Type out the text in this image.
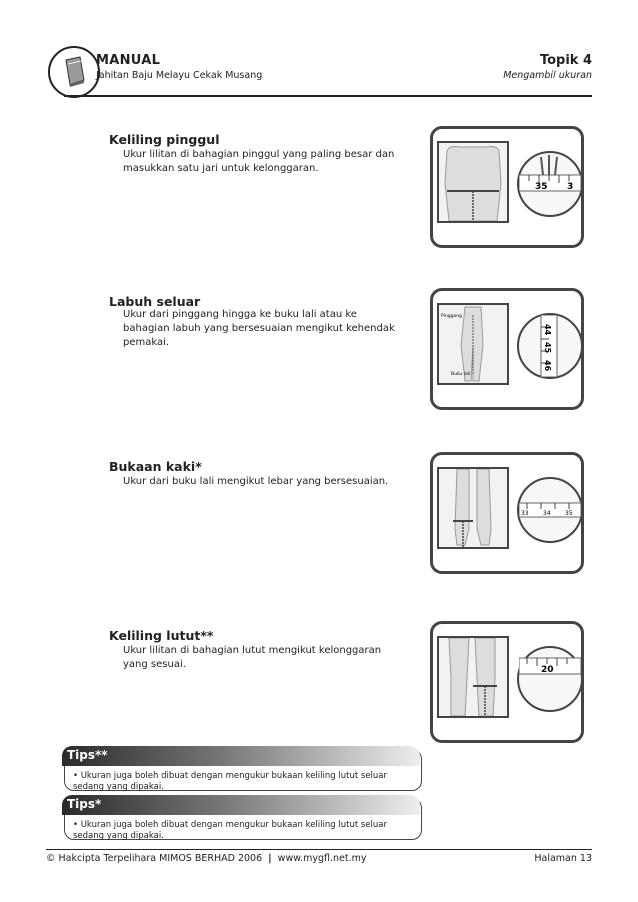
MANUAL
Jahitan Baju Melayu Cekak Musang
Topik 4
Mengambil ukuran
Keliling pinggul
Ukur lilitan di bahagian pinggul yang paling besar dan masukkan satu jari untuk kelonggaran.
35 3
Labuh seluar
Ukur dari pinggang hingga ke buku lali atau ke bahagian labuh yang bersesuaian mengikut kehendak pemakai.
Pinggang
Buku lali
44
45
46
Bukaan kaki*
Ukur dari buku lali mengikut lebar yang bersesuaian.
33 34 35
Keliling lutut**
Ukur lilitan di bahagian lutut mengikut kelonggaran yang sesuai.	20
• Ukuran juga boleh dibuat dengan mengukur bukaan keliling lutut seluar sedang yang dipakai.
Tips**
• Ukuran juga boleh dibuat dengan mengukur bukaan keliling lutut seluar sedang yang dipakai.
Tips*
© Hakcipta Terpelihara MIMOS BERHAD 2006 | www.mygfl.net.my	Halaman 13
